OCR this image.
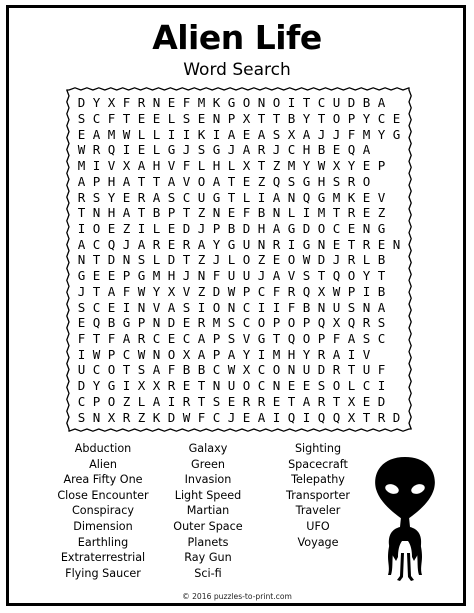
Alien Life
Word Search
D Y X F R N E F M K G O N O I T C U D B A
S C F T E E L S E N P X T T B Y T O P Y C E
E A M W L L I I K I A E A S X A J J F M Y G
W R Q I E L G J S G J A R J C H B E Q A
M I V X A H V F L H L X T Z M Y W X Y E P
A P H A T T A V O A T E Z Q S G H S R O
R S Y E R A S C U G T L I A N Q G M K E V
T N H A T B P T Z N E F B N L I M T R E Z
I O E Z I L E D J P B D H A G D O C E N G
A C Q J A R E R A Y G U N R I G N E T R E N
N T D N S L D T Z J L O Z E O W D J R L B
G E E P G M H J N F U U J A V S T Q O Y T
J T A F W Y X V Z D W P C F R Q X W P I B
S C E I N V A S I O N C I I F B N U S N A
E Q B G P N D E R M S C O P O P Q X Q R S
F T F A R C E C A P S V G T Q O P F A S C
I W P C W N O X A P A Y I M H Y R A I V
U C O T S A F B B C W X C O N U D R T U F
D Y G I X X R E T N U O C N E E S O L C I
C P O Z L A I R T S E R R E T A R T X E D
S N X R Z K D W F C J E A I Q I Q Q X T R D
Abduction
Alien
Area Fifty One
Close Encounter
Conspiracy
Dimension
Earthling
Extraterrestrial
Flying Saucer
Galaxy
Green
Invasion
Light Speed
Martian
Outer Space
Planets
Ray Gun
Sci-fi
Sighting
Spacecraft
Telepathy
Transporter
Traveler
UFO
Voyage
© 2016 puzzles-to-print.com
